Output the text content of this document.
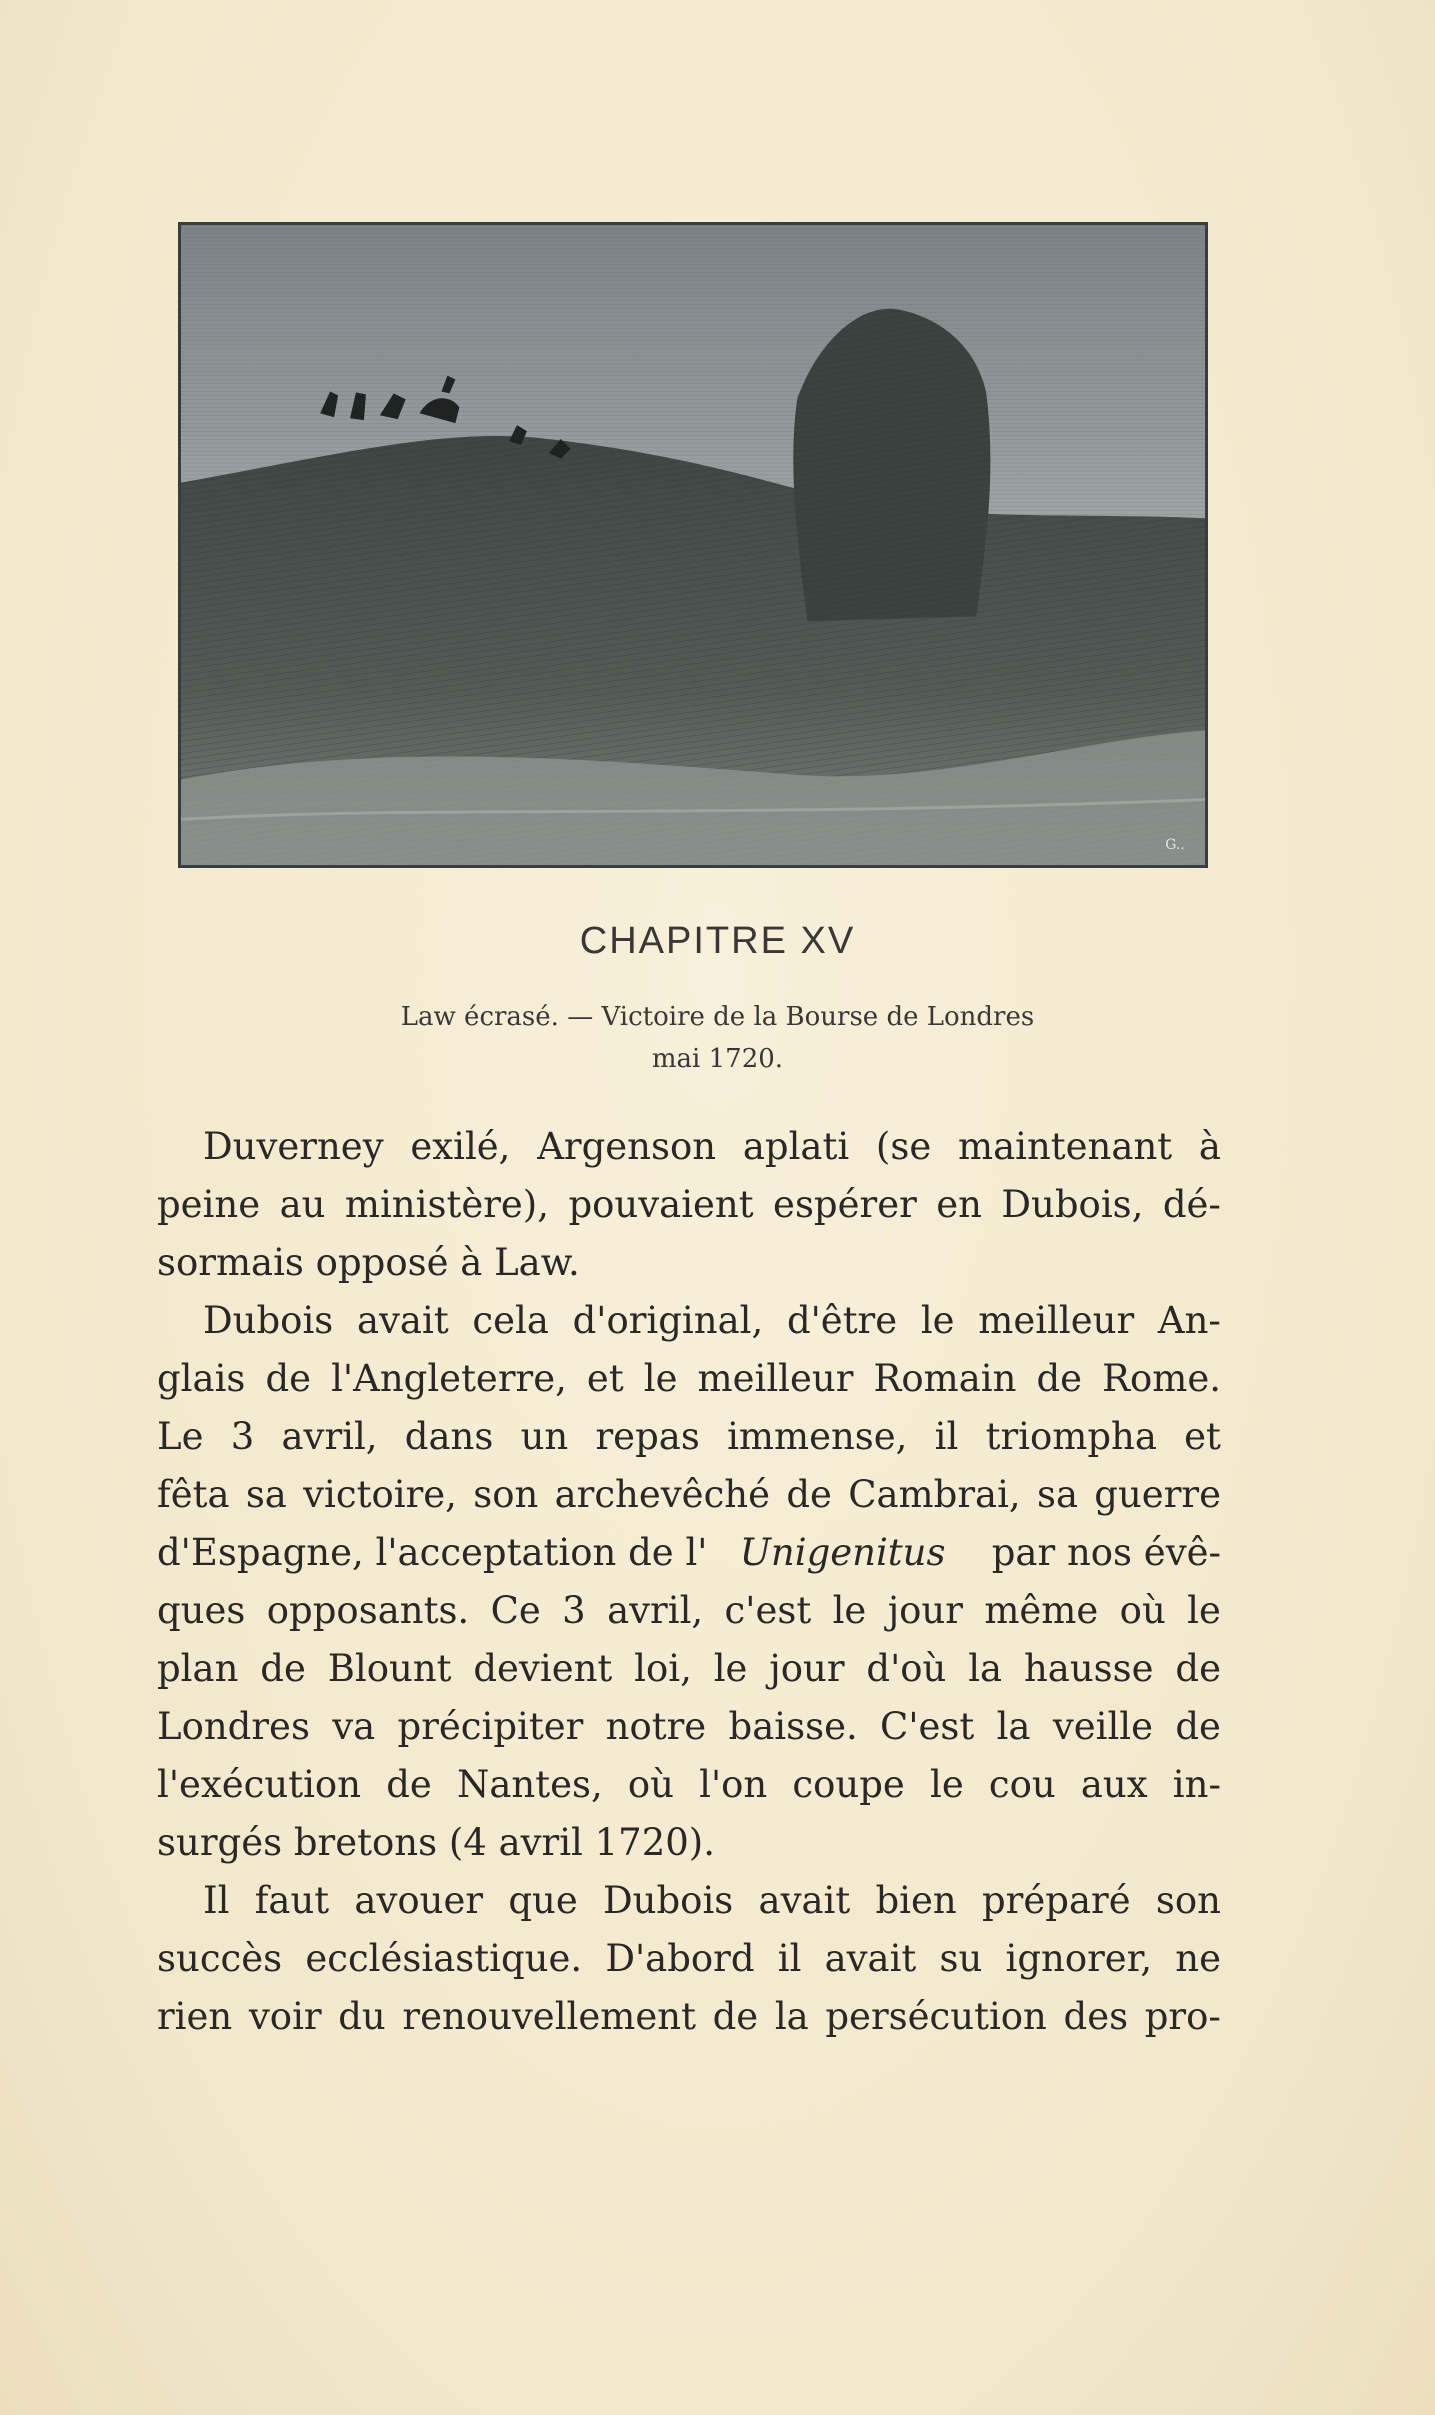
G..
CHAPITRE XV
Law écrasé. — Victoire de la Bourse de Londres
mai 1720.
Duverney exilé, Argenson aplati (se maintenant à
peine au ministère), pouvaient espérer en Dubois, dé-
sormais opposé à Law.
Dubois avait cela d'original, d'être le meilleur An-
glais de l'Angleterre, et le meilleur Romain de Rome.
Le 3 avril, dans un repas immense, il triompha et
fêta sa victoire, son archevêché de Cambrai, sa guerre
d'Espagne, l'acceptation de l' Unigenitus par nos évê-
ques opposants. Ce 3 avril, c'est le jour même où le
plan de Blount devient loi, le jour d'où la hausse de
Londres va précipiter notre baisse. C'est la veille de
l'exécution de Nantes, où l'on coupe le cou aux in-
surgés bretons (4 avril 1720).
Il faut avouer que Dubois avait bien préparé son
succès ecclésiastique. D'abord il avait su ignorer, ne
rien voir du renouvellement de la persécution des pro-
